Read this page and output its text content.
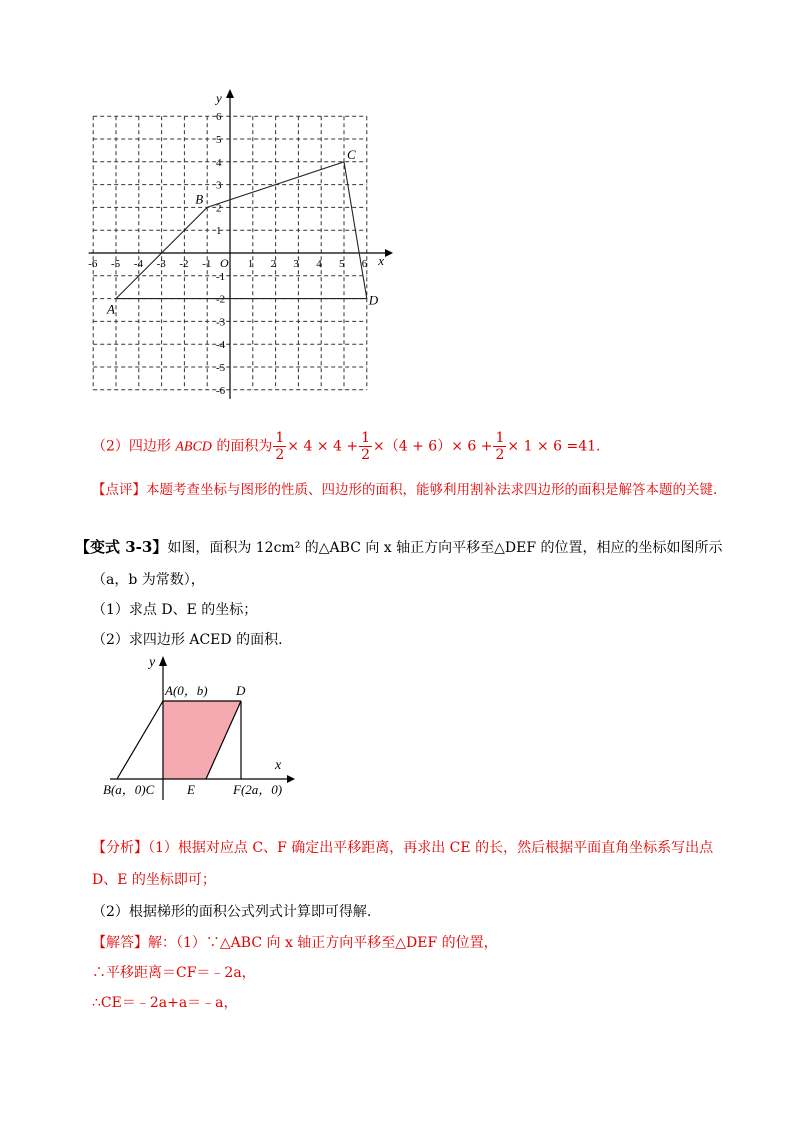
-6 -5 -4 -3 -2 -1	1 2 3 4 5 6
6
5
4
3
2
1
-1
-2
-3
-4
-5
-6
O	x
y
A
B
C
D
（2）四边形 ABCD 的面积为 $\frac{1}{2} \times 4 \times 4 + \frac{1}{2} \times(4 + 6)\times 6 + \frac{1}{2} \times 1 \times 6 =41$.
【点评】本题考查坐标与图形的性质、四边形的面积，能够利用割补法求四边形的面积是解答本题的关键.
【变式 3-3】如图，面积为 12cm² 的△ABC 向 x 轴正方向平移至△DEF 的位置，相应的坐标如图所示
（a，b 为常数），
（1）求点 D、E 的坐标；
（2）求四边形 ACED 的面积.
y
x
A(0，b) D
B(a，0)C	E	F(2a，0)
【分析】（1）根据对应点 C、F 确定出平移距离，再求出 CE 的长，然后根据平面直角坐标系写出点
D、E 的坐标即可；
（2）根据梯形的面积公式列式计算即可得解.
【解答】解：（1）∵△ABC 向 x 轴正方向平移至△DEF 的位置，
∴平移距离＝CF＝﹣2a，
∴CE＝﹣2a+a＝﹣a，
